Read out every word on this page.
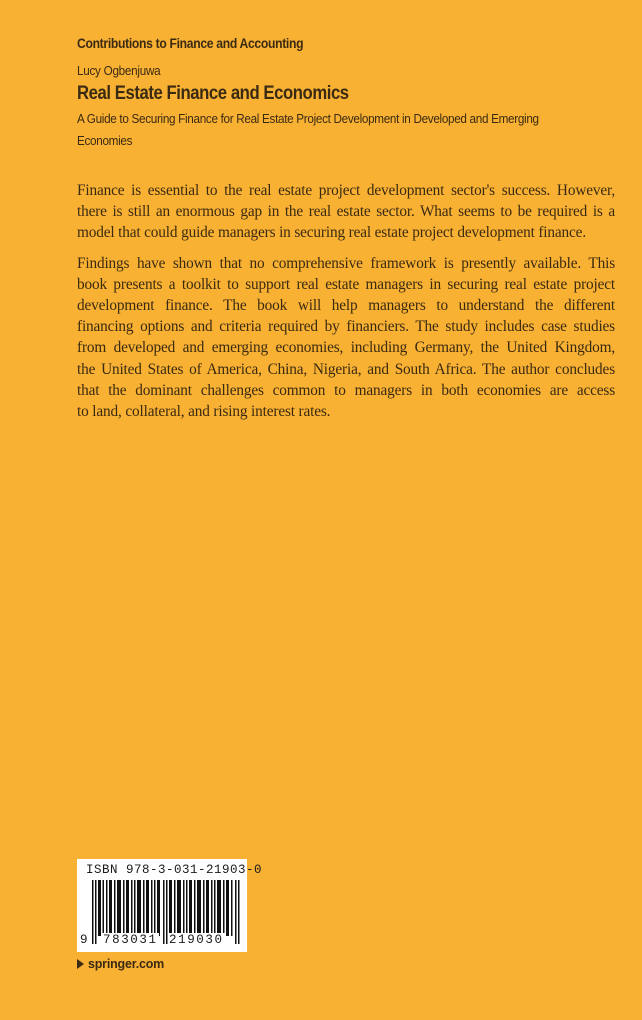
Contributions to Finance and Accounting
Lucy Ogbenjuwa
Real Estate Finance and Economics
A Guide to Securing Finance for Real Estate Project Development in Developed and Emerging
Economies

Finance is essential to the real estate project development sector's success. However,
there is still an enormous gap in the real estate sector. What seems to be required is a
model that could guide managers in securing real estate project development finance.

Findings have shown that no comprehensive framework is presently available. This
book presents a toolkit to support real estate managers in securing real estate project
development finance. The book will help managers to understand the different
financing options and criteria required by financiers. The study includes case studies
from developed and emerging economies, including Germany, the United Kingdom,
the United States of America, China, Nigeria, and South Africa. The author concludes
that the dominant challenges common to managers in both economies are access
to land, collateral, and rising interest rates.

ISBN 978-3-031-21903-0
9 783031 219030
springer.com
